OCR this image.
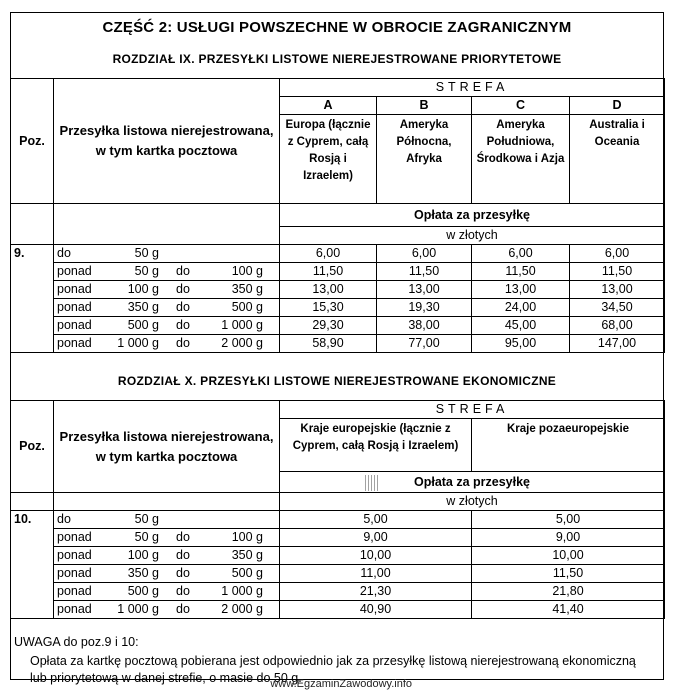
CZĘŚĆ 2: USŁUGI POWSZECHNE W OBROCIE ZAGRANICZNYM
ROZDZIAŁ IX. PRZESYŁKI LISTOWE NIEREJESTROWANE PRIORYTETOWE
Poz.	Przesyłka listowa nierejestrowana, w tym kartka pocztowa	STREFA			
		A	B	C	D
		Europa (łącznie z Cyprem, całą Rosją i Izraelem)	Ameryka Północna, Afryka	Ameryka Południowa, Środkowa i Azja	Australia i Oceania
		Opłata za przesyłkę			
		w złotych			
9.	do 50 g	6,00	6,00	6,00	6,00
	ponad 50 g do 100 g	11,50	11,50	11,50	11,50
	ponad 100 g do 350 g	13,00	13,00	13,00	13,00
	ponad 350 g do 500 g	15,30	19,30	24,00	34,50
	ponad 500 g do 1 000 g	29,30	38,00	45,00	68,00
	ponad 1 000 g do 2 000 g	58,90	77,00	95,00	147,00
ROZDZIAŁ X. PRZESYŁKI LISTOWE NIEREJESTROWANE EKONOMICZNE
Poz.	Przesyłka listowa nierejestrowana, w tym kartka pocztowa	STREFA	
		Kraje europejskie (łącznie z Cyprem, całą Rosją i Izraelem)	Kraje pozaeuropejskie
		Opłata za przesyłkę	
		w złotych	
10.	do 50 g	5,00	5,00
	ponad 50 g do 100 g	9,00	9,00
	ponad 100 g do 350 g	10,00	10,00
	ponad 350 g do 500 g	11,00	11,50
	ponad 500 g do 1 000 g	21,30	21,80
	ponad 1 000 g do 2 000 g	40,90	41,40
UWAGA do poz.9 i 10:
Opłata za kartkę pocztową pobierana jest odpowiednio jak za przesyłkę listową nierejestrowaną ekonomiczną
lub priorytetową w danej strefie, o masie do 50 g.
www.EgzaminZawodowy.info
